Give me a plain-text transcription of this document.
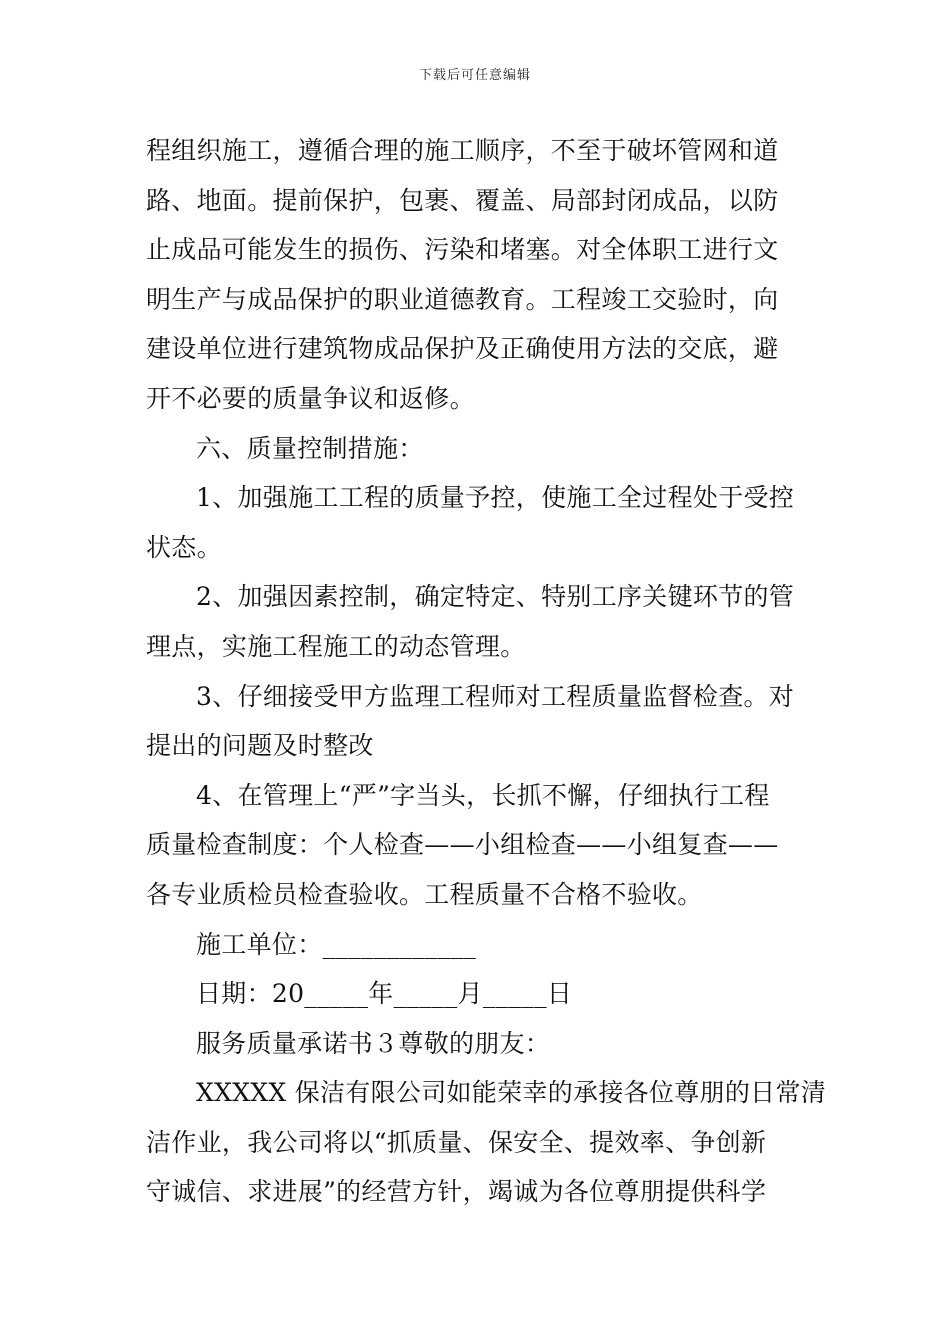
下载后可任意编辑
程组织施工，遵循合理的施工顺序，不至于破坏管网和道
路、地面。提前保护，包裹、覆盖、局部封闭成品，以防
止成品可能发生的损伤、污染和堵塞。对全体职工进行文
明生产与成品保护的职业道德教育。工程竣工交验时，向
建设单位进行建筑物成品保护及正确使用方法的交底，避
开不必要的质量争议和返修。
六、质量控制措施：
1、加强施工工程的质量予控，使施工全过程处于受控
状态。
2、加强因素控制，确定特定、特别工序关键环节的管
理点，实施工程施工的动态管理。
3、仔细接受甲方监理工程师对工程质量监督检查。对
提出的问题及时整改
4、在管理上“严”字当头，长抓不懈，仔细执行工程
质量检查制度：个人检查——小组检查——小组复查——
各专业质检员检查验收。工程质量不合格不验收。
施工单位：____________
日期：20_____年_____月_____日
服务质量承诺书３尊敬的朋友：
XXXXX 保洁有限公司如能荣幸的承接各位尊朋的日常清
洁作业，我公司将以“抓质量、保安全、提效率、争创新
守诚信、求进展”的经营方针，竭诚为各位尊朋提供科学
